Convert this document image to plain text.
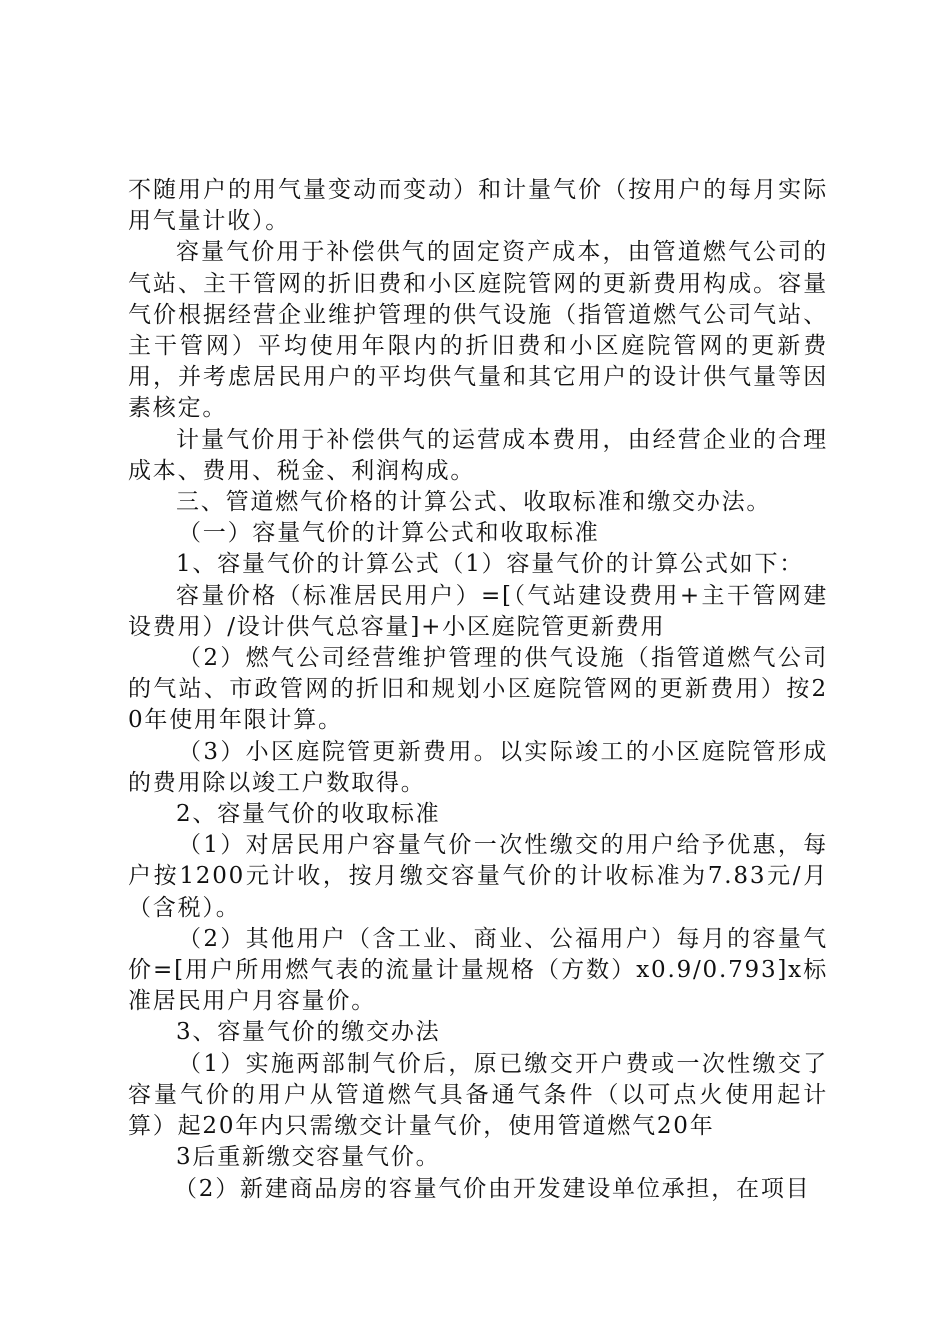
不随用户的用气量变动而变动）和计量气价（按用户的每月实际用气量计收）。

容量气价用于补偿供气的固定资产成本，由管道燃气公司的气站、主干管网的折旧费和小区庭院管网的更新费用构成。容量气价根据经营企业维护管理的供气设施（指管道燃气公司气站、主干管网）平均使用年限内的折旧费和小区庭院管网的更新费用，并考虑居民用户的平均供气量和其它用户的设计供气量等因素核定。

计量气价用于补偿供气的运营成本费用，由经营企业的合理成本、费用、税金、利润构成。

三、管道燃气价格的计算公式、收取标准和缴交办法。

（一）容量气价的计算公式和收取标准

1、容量气价的计算公式（1）容量气价的计算公式如下：

容量价格（标准居民用户）=[（气站建设费用+主干管网建设费用）/设计供气总容量]+小区庭院管更新费用

（2）燃气公司经营维护管理的供气设施（指管道燃气公司的气站、市政管网的折旧和规划小区庭院管网的更新费用）按20年使用年限计算。

（3）小区庭院管更新费用。以实际竣工的小区庭院管形成的费用除以竣工户数取得。

2、容量气价的收取标准

（1）对居民用户容量气价一次性缴交的用户给予优惠，每户按1200元计收，按月缴交容量气价的计收标准为7.83元/月（含税）。

（2）其他用户（含工业、商业、公福用户）每月的容量气价=[用户所用燃气表的流量计量规格（方数）x0.9/0.793]x标准居民用户月容量价。

3、容量气价的缴交办法

（1）实施两部制气价后，原已缴交开户费或一次性缴交了容量气价的用户从管道燃气具备通气条件（以可点火使用起计算）起20年内只需缴交计量气价，使用管道燃气20年

3后重新缴交容量气价。

（2）新建商品房的容量气价由开发建设单位承担，在项目
